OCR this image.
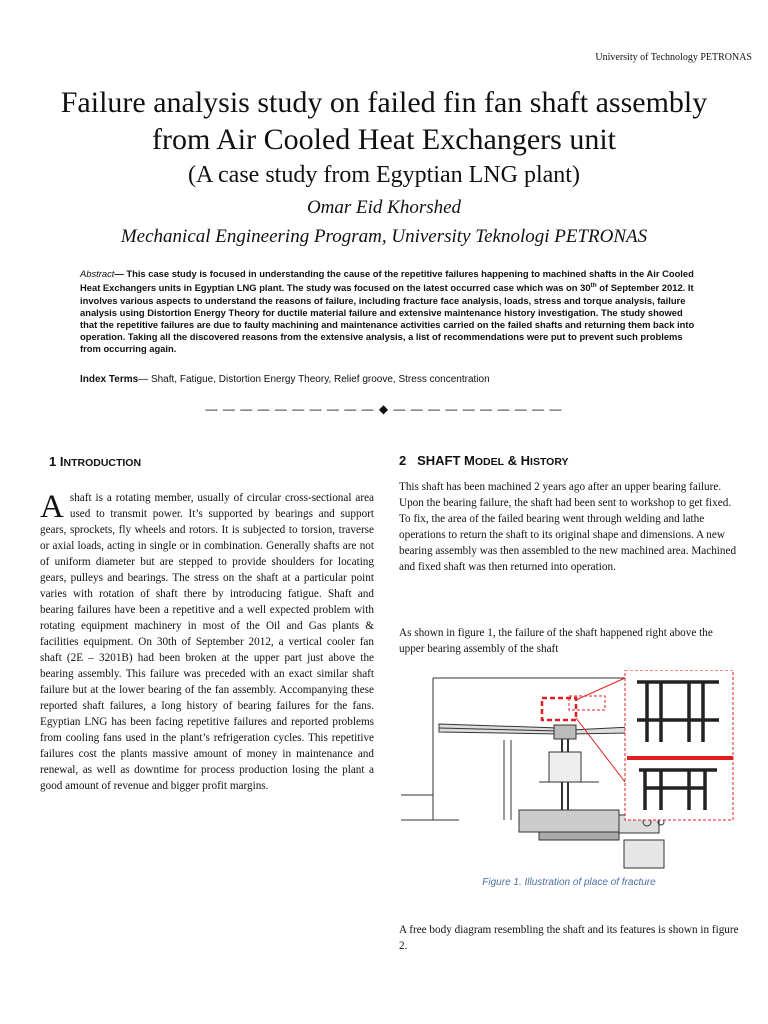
University of Technology PETRONAS
Failure analysis study on failed fin fan shaft assembly
from Air Cooled Heat Exchangers unit
(A case study from Egyptian LNG plant)
Omar Eid Khorshed
Mechanical Engineering Program, University Teknologi PETRONAS
Abstract— This case study is focused in understanding the cause of the repetitive failures happening to machined shafts in the Air Cooled Heat Exchangers units in Egyptian LNG plant. The study was focused on the latest occurred case which was on 30th of September 2012. It involves various aspects to understand the reasons of failure, including fracture face analysis, loads, stress and torque analysis, failure analysis using Distortion Energy Theory for ductile material failure and extensive maintenance history investigation. The study showed that the repetitive failures are due to faulty machining and maintenance activities carried on the failed shafts and returning them back into operation. Taking all the discovered reasons from the extensive analysis, a list of recommendations were put to prevent such problems from occurring again.
Index Terms— Shaft, Fatigue, Distortion Energy Theory, Relief groove, Stress concentration
— — — — — — — — — — ◆ — — — — — — — — — —
1 INTRODUCTION
Ashaft is a rotating member, usually of circular cross-sectional area used to transmit power. It’s supported by bearings and support gears, sprockets, fly wheels and rotors. It is subjected to torsion, traverse or axial loads, acting in single or in combination. Generally shafts are not of uniform diameter but are stepped to provide shoulders for locating gears, pulleys and bearings. The stress on the shaft at a particular point varies with rotation of shaft there by introducing fatigue. Shaft and bearing failures have been a repetitive and a well expected problem with rotating equipment machinery in most of the Oil and Gas plants & facilities equipment. On 30th of September 2012, a vertical cooler fan shaft (2E – 3201B) had been broken at the upper part just above the bearing assembly. This failure was preceded with an exact similar shaft failure but at the lower bearing of the fan assembly. Accompanying these reported shaft failures, a long history of bearing failures for the fans. Egyptian LNG has been facing repetitive failures and reported problems from cooling fans used in the plant’s refrigeration cycles. This repetitive failures cost the plants massive amount of money in maintenance and renewal, as well as downtime for process production losing the plant a good amount of revenue and bigger profit margins.
2 SHAFT MODEL & HISTORY
This shaft has been machined 2 years ago after an upper bearing failure. Upon the bearing failure, the shaft had been sent to workshop to get fixed. To fix, the area of the failed bearing went through welding and lathe operations to return the shaft to its original shape and dimensions. A new bearing assembly was then assembled to the new machined area. Machined and fixed shaft was then returned into operation.
As shown in figure 1, the failure of the shaft happened right above the upper bearing assembly of the shaft
Figure 1. Illustration of place of fracture
A free body diagram resembling the shaft and its features is shown in figure 2.
